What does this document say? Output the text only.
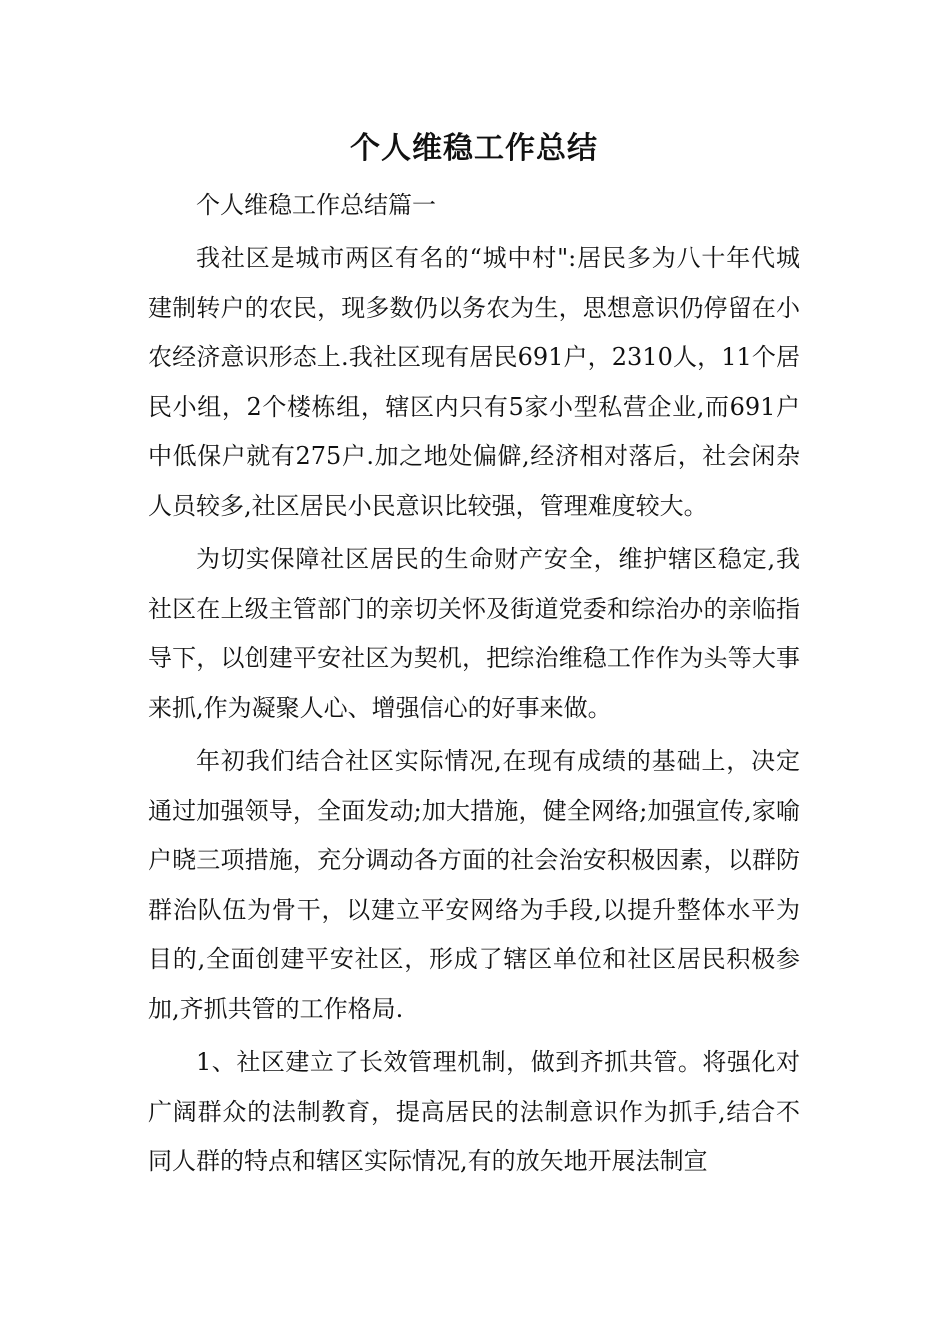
个人维稳工作总结
个人维稳工作总结篇一
我社区是城市两区有名的“城中村":居民多为八十年代城建制转户的农民，现多数仍以务农为生，思想意识仍停留在小农经济意识形态上.我社区现有居民691户，2310人，11个居民小组，2个楼栋组，辖区内只有5家小型私营企业,而691户中低保户就有275户.加之地处偏僻,经济相对落后，社会闲杂人员较多,社区居民小民意识比较强，管理难度较大。
为切实保障社区居民的生命财产安全，维护辖区稳定,我社区在上级主管部门的亲切关怀及街道党委和综治办的亲临指导下，以创建平安社区为契机，把综治维稳工作作为头等大事来抓,作为凝聚人心、增强信心的好事来做。
年初我们结合社区实际情况,在现有成绩的基础上，决定通过加强领导，全面发动;加大措施，健全网络;加强宣传,家喻户晓三项措施，充分调动各方面的社会治安积极因素，以群防群治队伍为骨干，以建立平安网络为手段,以提升整体水平为目的,全面创建平安社区，形成了辖区单位和社区居民积极参加,齐抓共管的工作格局.
1、社区建立了长效管理机制，做到齐抓共管。将强化对广阔群众的法制教育，提高居民的法制意识作为抓手,结合不同人群的特点和辖区实际情况,有的放矢地开展法制宣
